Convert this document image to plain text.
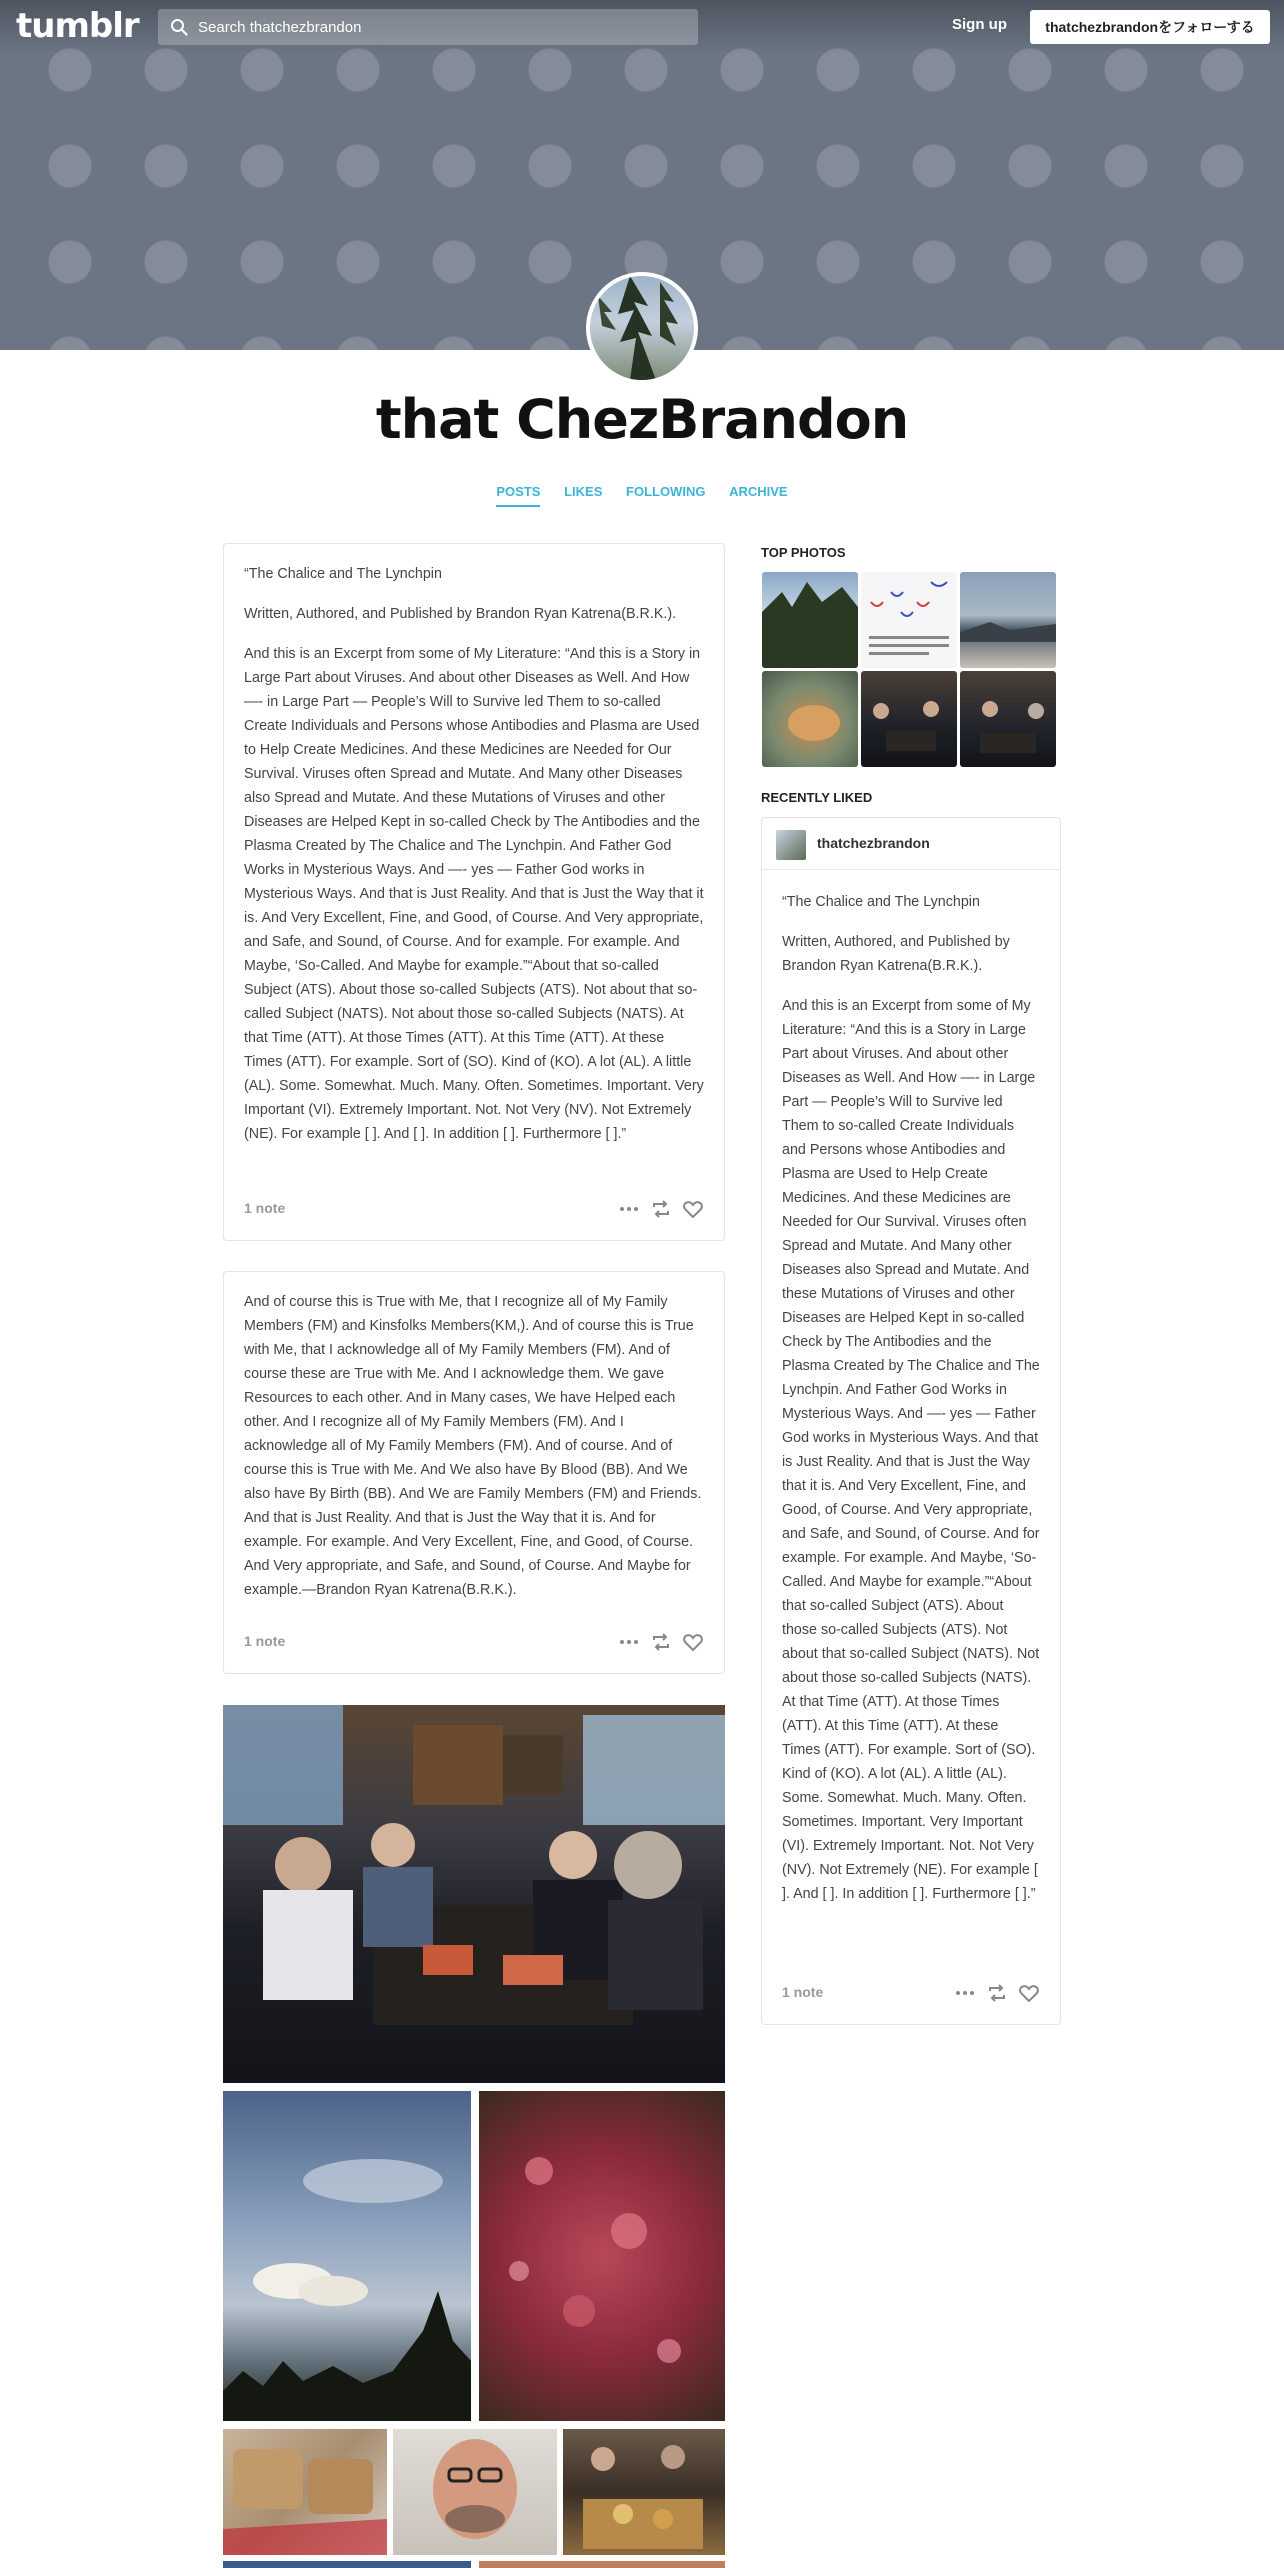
tumblr
Search thatchezbrandon	Sign up	thatchezbrandonをフォローする
that ChezBrandon
POSTS LIKES FOLLOWING ARCHIVE

“The Chalice and The Lynchpin

Written, Authored, and Published by Brandon Ryan Katrena(B.R.K.).

And this is an Excerpt from some of My Literature: “And this is a Story in Large Part about Viruses. And about other Diseases as Well. And How —- in Large Part — People’s Will to Survive led Them to so-called Create Individuals and Persons whose Antibodies and Plasma are Used to Help Create Medicines. And these Medicines are Needed for Our Survival. Viruses often Spread and Mutate. And Many other Diseases also Spread and Mutate. And these Mutations of Viruses and other Diseases are Helped Kept in so-called Check by The Antibodies and the Plasma Created by The Chalice and The Lynchpin. And Father God Works in Mysterious Ways. And —- yes — Father God works in Mysterious Ways. And that is Just Reality. And that is Just the Way that it is. And Very Excellent, Fine, and Good, of Course. And Very appropriate, and Safe, and Sound, of Course. And for example. For example. And Maybe, ‘So-Called. And Maybe for example.”“About that so-called Subject (ATS). About those so-called Subjects (ATS). Not about that so-called Subject (NATS). Not about those so-called Subjects (NATS). At that Time (ATT). At those Times (ATT). At this Time (ATT). At these Times (ATT). For example. Sort of (SO). Kind of (KO). A lot (AL). A little (AL). Some. Somewhat. Much. Many. Often. Sometimes. Important. Very Important (VI). Extremely Important. Not. Not Very (NV). Not Extremely (NE). For example [ ]. And [ ]. In addition [ ]. Furthermore [ ].”

1 note

And of course this is True with Me, that I recognize all of My Family Members (FM) and Kinsfolks Members(KM,). And of course this is True with Me, that I acknowledge all of My Family Members (FM). And of course these are True with Me. And I acknowledge them. We gave Resources to each other. And in Many cases, We have Helped each other. And I recognize all of My Family Members (FM). And I acknowledge all of My Family Members (FM). And of course. And of course this is True with Me. And We also have By Blood (BB). And We also have By Birth (BB). And We are Family Members (FM) and Friends. And that is Just Reality. And that is Just the Way that it is. And for example. For example. And Very Excellent, Fine, and Good, of Course. And Very appropriate, and Safe, and Sound, of Course. And Maybe for example.—Brandon Ryan Katrena(B.R.K.).

1 note
TOP PHOTOS
RECENTLY LIKED
thatchezbrandon

“The Chalice and The Lynchpin

Written, Authored, and Published by Brandon Ryan Katrena(B.R.K.).

And this is an Excerpt from some of My Literature: “And this is a Story in Large Part about Viruses. And about other Diseases as Well. And How —- in Large Part — People’s Will to Survive led Them to so-called Create Individuals and Persons whose Antibodies and Plasma are Used to Help Create Medicines. And these Medicines are Needed for Our Survival. Viruses often Spread and Mutate. And Many other Diseases also Spread and Mutate. And these Mutations of Viruses and other Diseases are Helped Kept in so-called Check by The Antibodies and the Plasma Created by The Chalice and The Lynchpin. And Father God Works in Mysterious Ways. And —- yes — Father God works in Mysterious Ways. And that is Just Reality. And that is Just the Way that it is. And Very Excellent, Fine, and Good, of Course. And Very appropriate, and Safe, and Sound, of Course. And for example. For example. And Maybe, ‘So-Called. And Maybe for example.”“About that so-called Subject (ATS). About those so-called Subjects (ATS). Not about that so-called Subject (NATS). Not about those so-called Subjects (NATS). At that Time (ATT). At those Times (ATT). At this Time (ATT). At these Times (ATT). For example. Sort of (SO). Kind of (KO). A lot (AL). A little (AL). Some. Somewhat. Much. Many. Often. Sometimes. Important. Very Important (VI). Extremely Important. Not. Not Very (NV). Not Extremely (NE). For example [ ]. And [ ]. In addition [ ]. Furthermore [ ].”

1 note
